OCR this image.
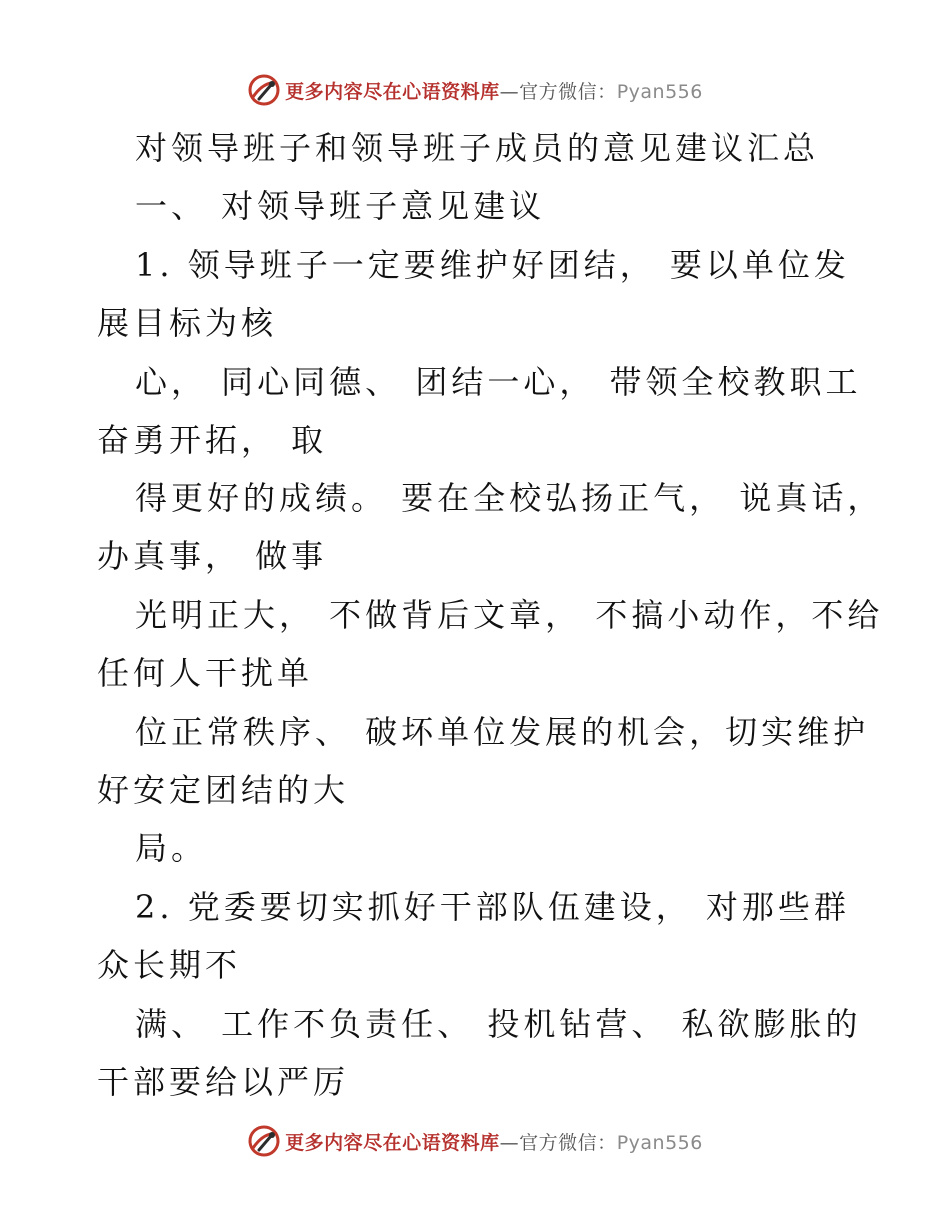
更多内容尽在心语资料库—官方微信：Pyan556
对领导班子和领导班子成员的意见建议汇总
一、 对领导班子意见建议
1. 领导班子一定要维护好团结， 要以单位发
展目标为核
心， 同心同德、 团结一心， 带领全校教职工
奋勇开拓， 取
得更好的成绩。 要在全校弘扬正气， 说真话，
办真事， 做事
光明正大， 不做背后文章， 不搞小动作，不给
任何人干扰单
位正常秩序、 破坏单位发展的机会，切实维护
好安定团结的大
局。
2. 党委要切实抓好干部队伍建设， 对那些群
众长期不
满、 工作不负责任、 投机钻营、 私欲膨胀的
干部要给以严厉
更多内容尽在心语资料库—官方微信：Pyan556
